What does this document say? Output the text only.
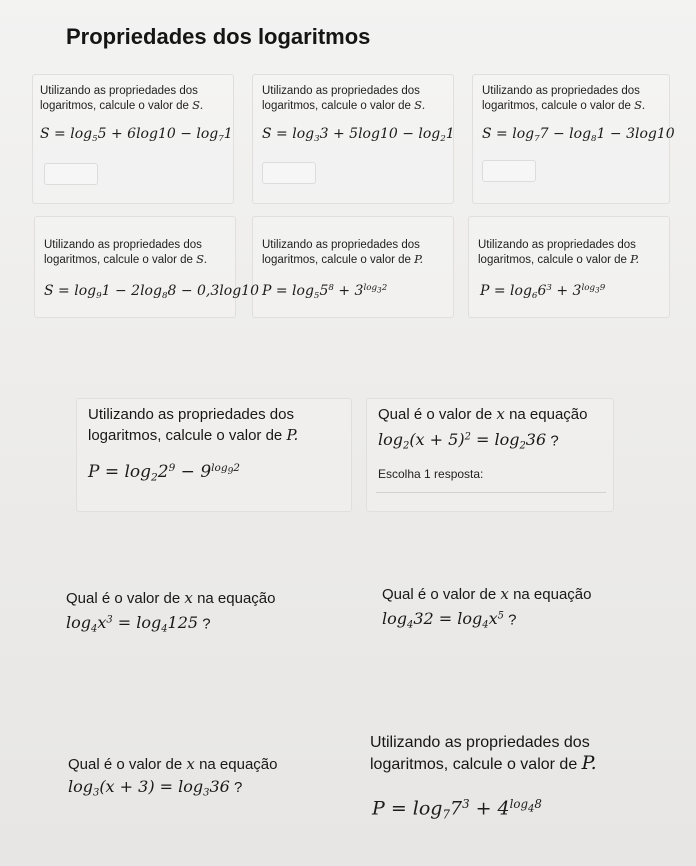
Propriedades dos logaritmos
Utilizando as propriedades dos
logaritmos, calcule o valor de S.
$S = \log_55 + 6\log 10 - \log_71$
Utilizando as propriedades dos
logaritmos, calcule o valor de S.
$S = \log_33 + 5\log 10 - \log_21$
Utilizando as propriedades dos
logaritmos, calcule o valor de S.
$S = \log_77 - \log_81 - 3\log 10$
Utilizando as propriedades dos
logaritmos, calcule o valor de S.
$S = \log_91 - 2\log_88 - 0,3\log 10$
Utilizando as propriedades dos
logaritmos, calcule o valor de P.
$P = \log_55^8 + 3^{log_32}$
Utilizando as propriedades dos
logaritmos, calcule o valor de P.
$P = \log_66^3 + 3^{log_39}$
Utilizando as propriedades dos
logaritmos, calcule o valor de P.
$P = \log_22^9 - 9^{log_92}$
Qual é o valor de x na equação
$\log_2(x + 5)^2 = \log_236$ ?
Escolha 1 resposta:
Qual é o valor de x na equação
$\log_4x^3 = \log_4125$ ?
Qual é o valor de x na equação
$\log_432 = \log_4x^5$ ?
Qual é o valor de x na equação
$\log_3(x + 3) = \log_336$ ?
Utilizando as propriedades dos
logaritmos, calcule o valor de P.
$P = \log_77^3 + 4^{log_48}$
